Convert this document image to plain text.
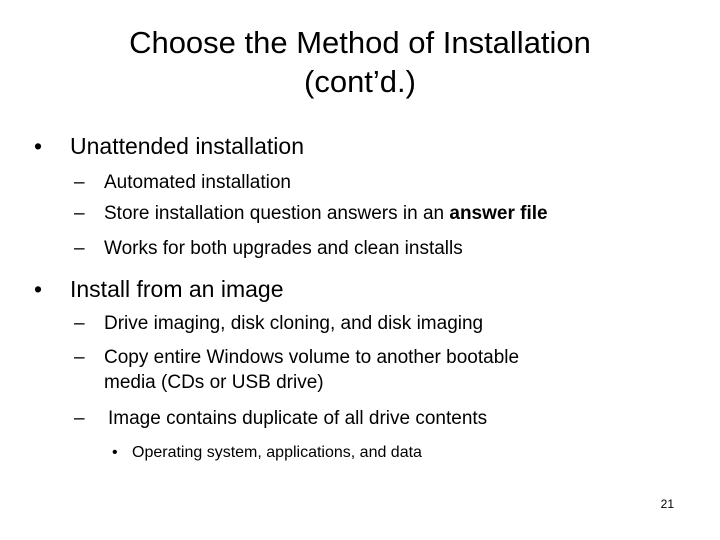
Choose the Method of Installation
(cont’d.)
• Unattended installation
– Automated installation
– Store installation question answers in an answer file
– Works for both upgrades and clean installs
• Install from an image
– Drive imaging, disk cloning, and disk imaging
– Copy entire Windows volume to another bootable
media (CDs or USB drive)
– Image contains duplicate of all drive contents
• Operating system, applications, and data
21
